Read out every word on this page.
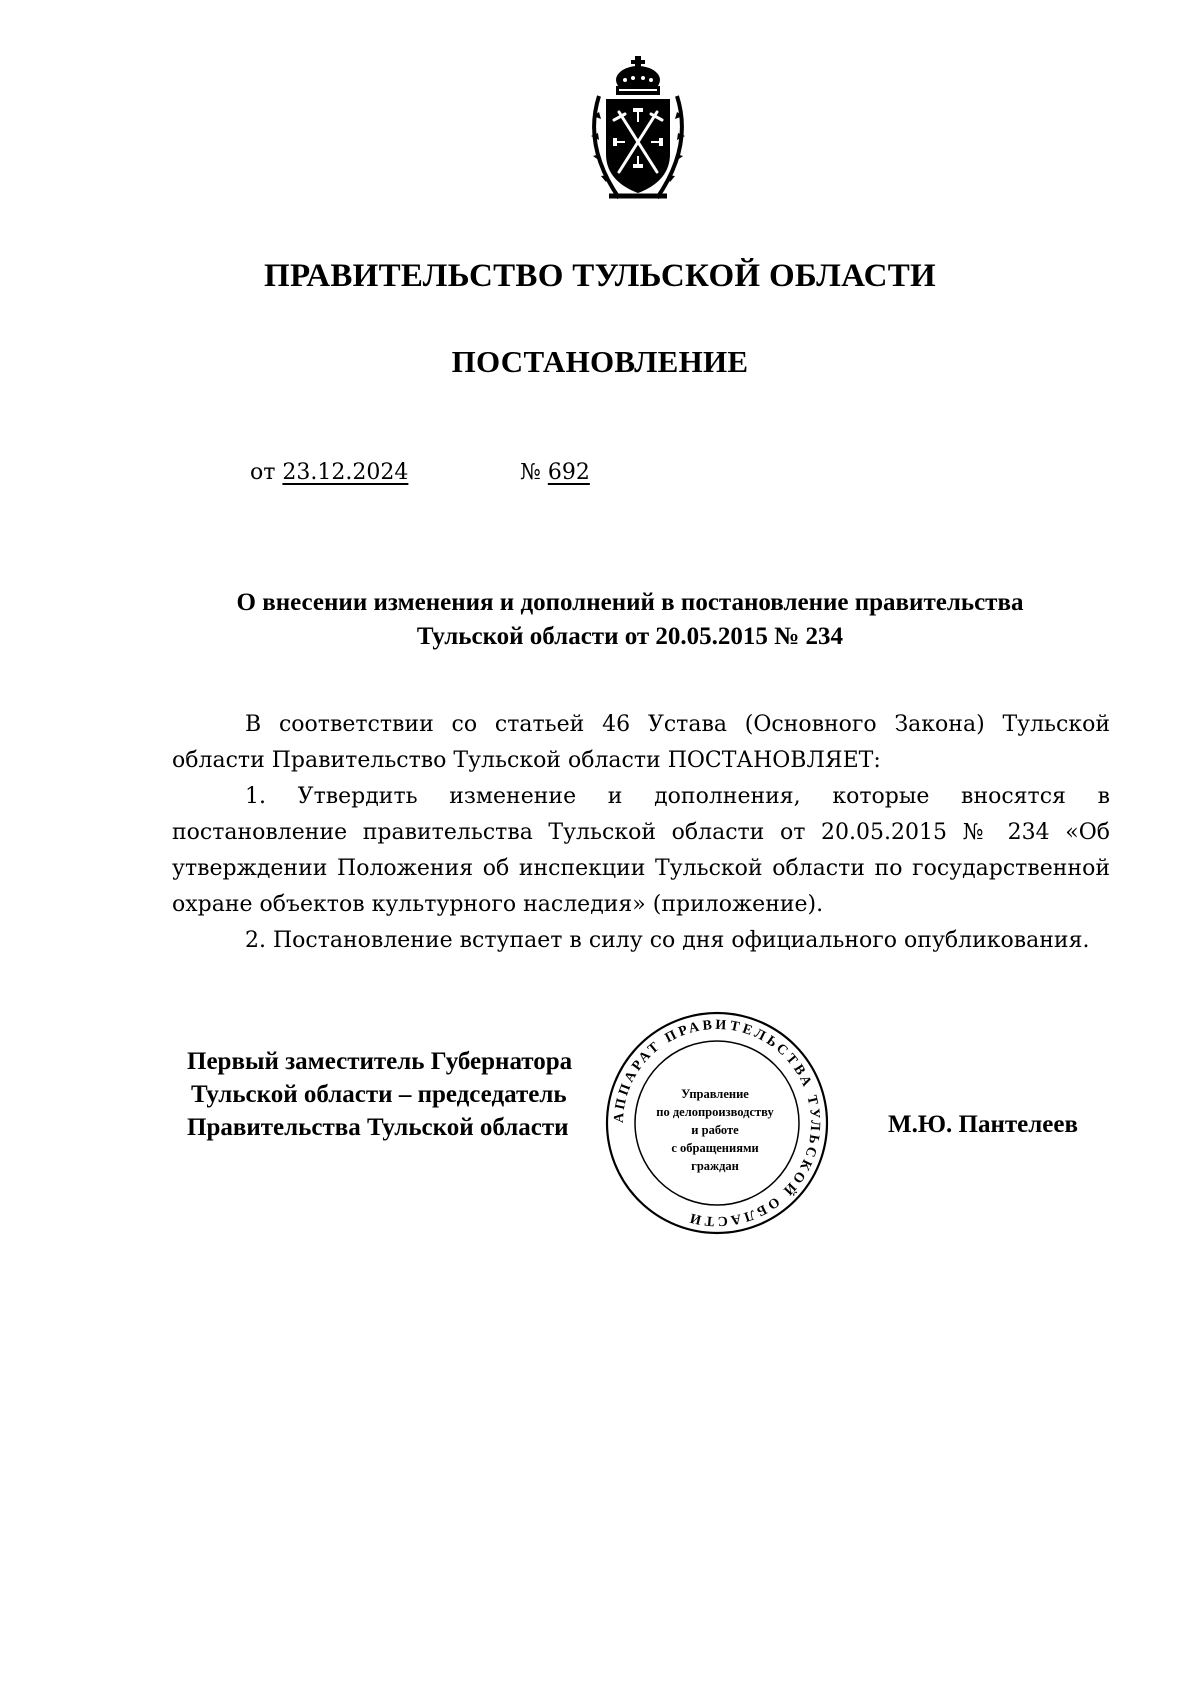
ПРАВИТЕЛЬСТВО ТУЛЬСКОЙ ОБЛАСТИ
ПОСТАНОВЛЕНИЕ
от 23.12.2024	№ 692
О внесении изменения и дополнений в постановление правительства
Тульской области от 20.05.2015 № 234

В соответствии со статьей 46 Устава (Основного Закона) Тульской области Правительство Тульской области ПОСТАНОВЛЯЕТ:

1. Утвердить изменение и дополнения, которые вносятся в постановление правительства Тульской области от 20.05.2015 № 234 «Об утверждении Положения об инспекции Тульской области по государственной охране объектов культурного наследия» (приложение).

2. Постановление вступает в силу со дня официального опубликования.

Первый заместитель Губернатора
Тульской области – председатель
Правительства Тульской области	М.Ю. Пантелеев
АППАРАТ ПРАВИТЕЛЬСТВА ТУЛЬСКОЙ ОБЛАСТИ
Управление
по делопроизводству
и работе
с обращениями
граждан
